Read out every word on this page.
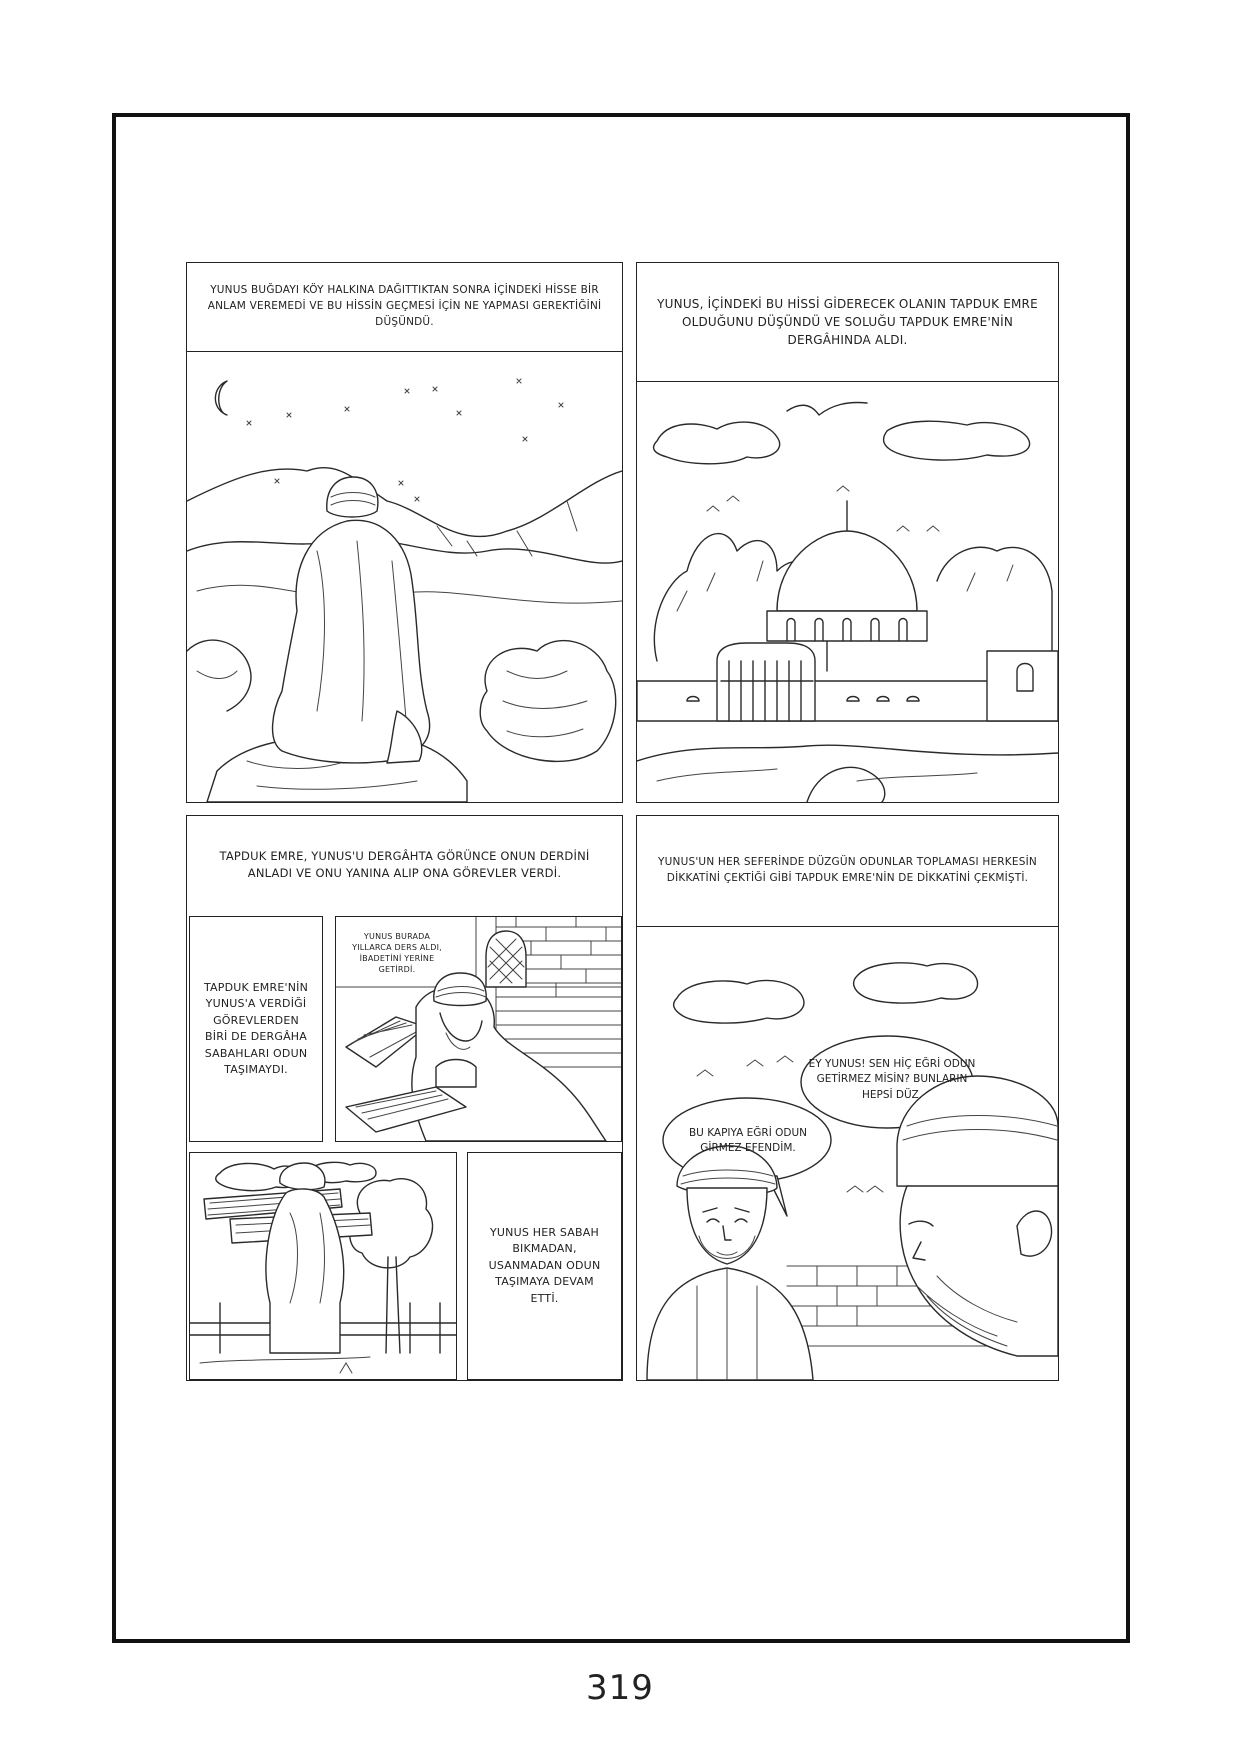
YUNUS BUĞDAYI KÖY HALKINA DAĞITTIKTAN SONRA İÇİNDEKİ HİSSE BİR ANLAM VEREMEDİ VE BU HİSSİN GEÇMESİ İÇİN NE YAPMASI GEREKTİĞİNİ DÜŞÜNDÜ.
YUNUS, İÇİNDEKİ BU HİSSİ GİDERECEK OLANIN TAPDUK EMRE OLDUĞUNU DÜŞÜNDÜ VE SOLUĞU TAPDUK EMRE'NİN DERGÂHINDA ALDI.
TAPDUK EMRE, YUNUS'U DERGÂHTA GÖRÜNCE ONUN DERDİNİ ANLADI VE ONU YANINA ALIP ONA GÖREVLER VERDİ.
TAPDUK EMRE'NİN YUNUS'A VERDİĞİ GÖREVLERDEN BİRİ DE DERGÂHA SABAHLARI ODUN TAŞIMAYDI.
YUNUS BURADA YILLARCA DERS ALDI, İBADETİNİ YERİNE GETİRDİ.
YUNUS HER SABAH BIKMADAN, USANMADAN ODUN TAŞIMAYA DEVAM ETTİ.
YUNUS'UN HER SEFERİNDE DÜZGÜN ODUNLAR TOPLAMASI HERKESİN DİKKATİNİ ÇEKTİĞİ GİBİ TAPDUK EMRE'NİN DE DİKKATİNİ ÇEKMİŞTİ.
EY YUNUS! SEN HİÇ EĞRİ ODUN GETİRMEZ MİSİN? BUNLARIN HEPSİ DÜZ.
BU KAPIYA EĞRİ ODUN GİRMEZ EFENDİM.
319
